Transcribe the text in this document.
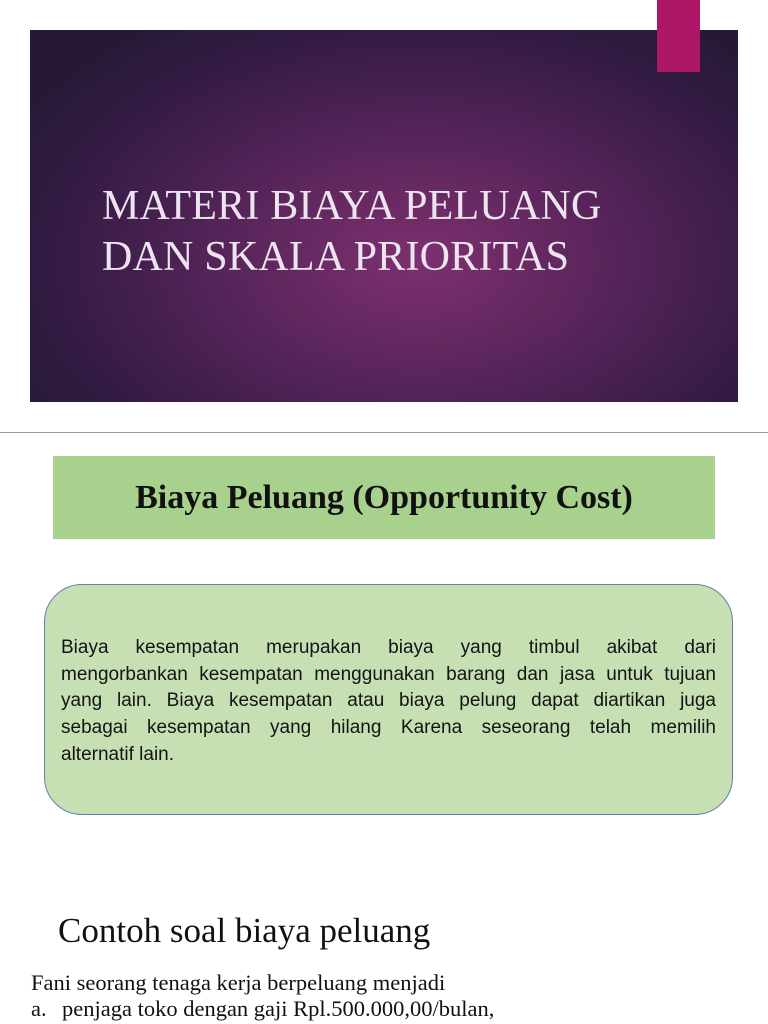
MATERI BIAYA PELUANG
DAN SKALA PRIORITAS
Biaya Peluang (Opportunity Cost)
Biaya kesempatan merupakan biaya yang timbul akibat dari
mengorbankan kesempatan menggunakan barang dan jasa untuk tujuan
yang lain. Biaya kesempatan atau biaya pelung dapat diartikan juga
sebagai kesempatan yang hilang Karena seseorang telah memilih
alternatif lain.
Contoh soal biaya peluang
Fani seorang tenaga kerja berpeluang menjadi
a. penjaga toko dengan gaji Rpl.500.000,00/bulan,
